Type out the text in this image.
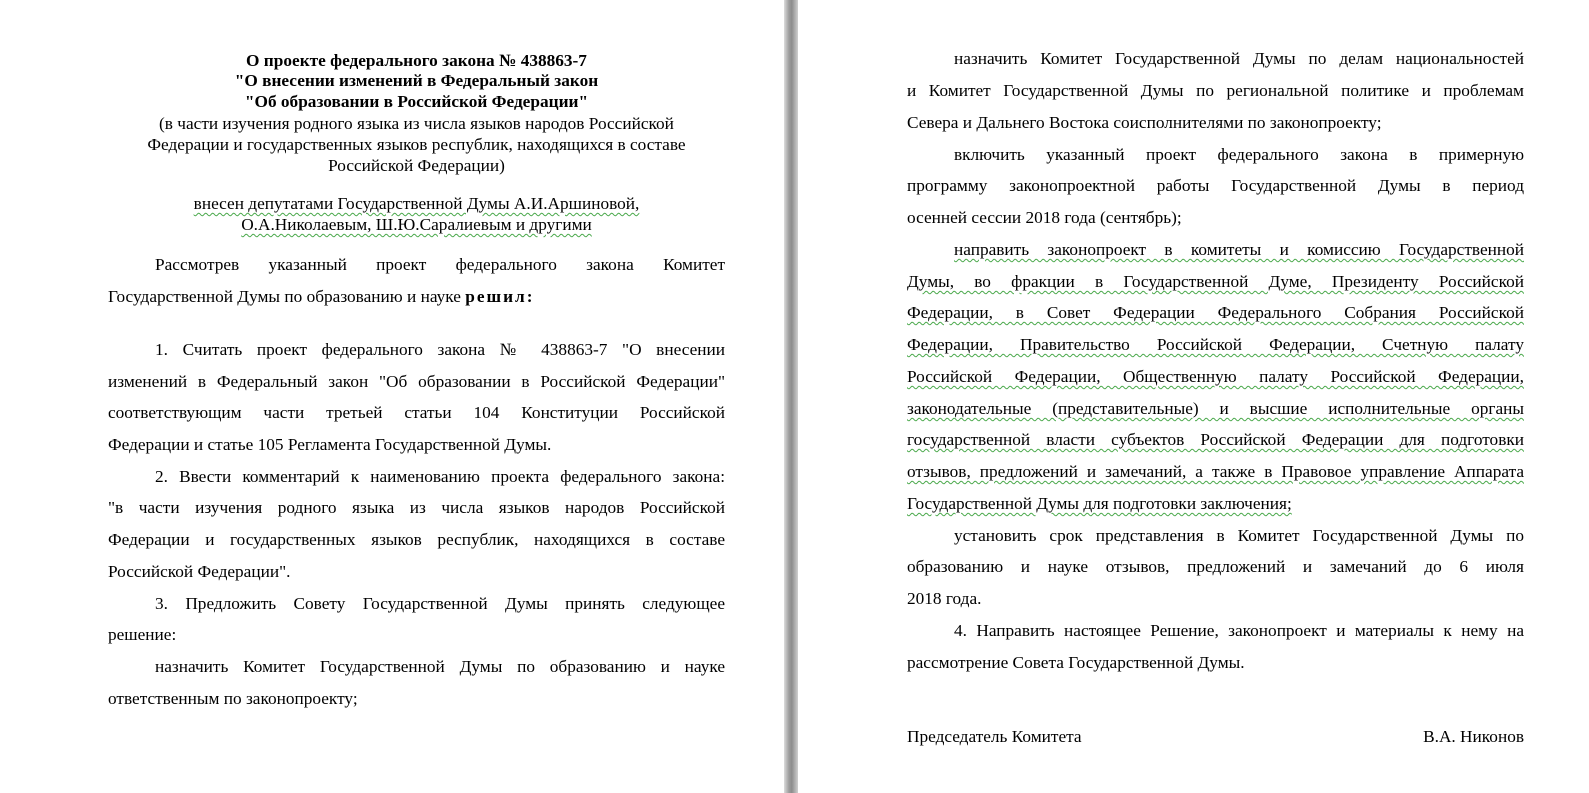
О проекте федерального закона № 438863-7
"О внесении изменений в Федеральный закон
"Об образовании в Российской Федерации"
(в части изучения родного языка из числа языков народов Российской
Федерации и государственных языков республик, находящихся в составе
Российской Федерации)
внесен депутатами Государственной Думы А.И.Аршиновой,
О.А.Николаевым, Ш.Ю.Саралиевым и другими
Рассмотрев указанный проект федерального закона Комитет
Государственной Думы по образованию и науке решил:
1. Считать проект федерального закона № 438863-7 "О внесении
изменений в Федеральный закон "Об образовании в Российской Федерации"
соответствующим части третьей статьи 104 Конституции Российской
Федерации и статье 105 Регламента Государственной Думы.
2. Ввести комментарий к наименованию проекта федерального закона:
"в части изучения родного языка из числа языков народов Российской
Федерации и государственных языков республик, находящихся в составе
Российской Федерации".
3. Предложить Совету Государственной Думы принять следующее
решение:
назначить Комитет Государственной Думы по образованию и науке
ответственным по законопроекту;
назначить Комитет Государственной Думы по делам национальностей
и Комитет Государственной Думы по региональной политике и проблемам
Севера и Дальнего Востока соисполнителями по законопроекту;
включить указанный проект федерального закона в примерную
программу законопроектной работы Государственной Думы в период
осенней сессии 2018 года (сентябрь);
направить законопроект в комитеты и комиссию Государственной
Думы, во фракции в Государственной Думе, Президенту Российской
Федерации, в Совет Федерации Федерального Собрания Российской
Федерации, Правительство Российской Федерации, Счетную палату
Российской Федерации, Общественную палату Российской Федерации,
законодательные (представительные) и высшие исполнительные органы
государственной власти субъектов Российской Федерации для подготовки
отзывов, предложений и замечаний, а также в Правовое управление Аппарата
Государственной Думы для подготовки заключения;
установить срок представления в Комитет Государственной Думы по
образованию и науке отзывов, предложений и замечаний до 6 июля
2018 года.
4. Направить настоящее Решение, законопроект и материалы к нему на
рассмотрение Совета Государственной Думы.
Председатель Комитета	В.А. Никонов
